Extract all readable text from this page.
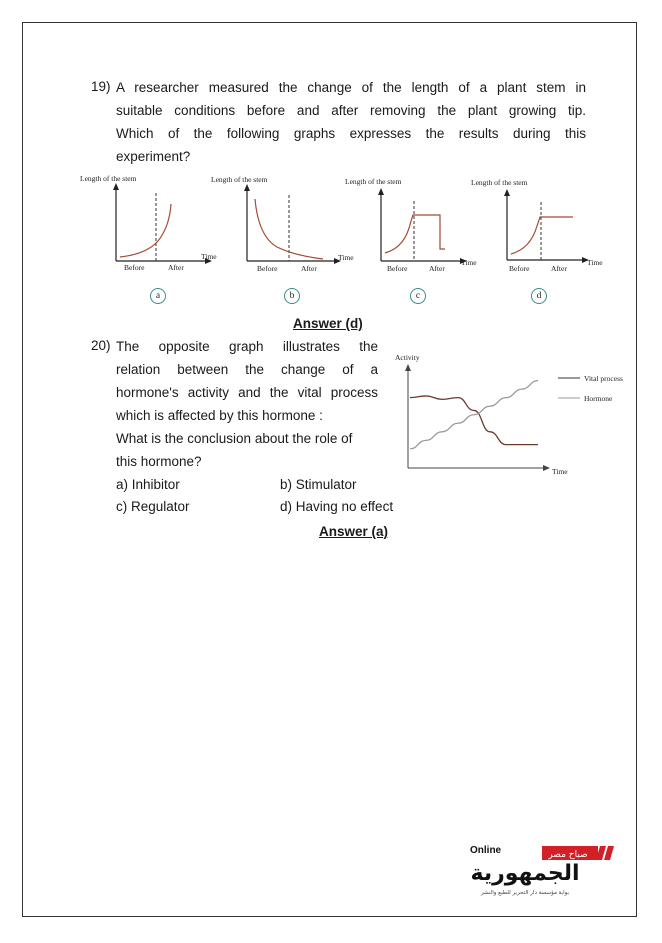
19) A researcher measured the change of the length of a plant stem in
suitable conditions before and after removing the plant growing tip.
Which of the following graphs expresses the results during this
experiment?
Length of the stem
Before	After
Time
Length of the stem
Before	After
Time
Length of the stem
Before	After
Time
Length of the stem
Before	After
Time
a	b	c	d
Answer (d)
20) The opposite graph illustrates the
relation between the change of a
hormone's activity and the vital process
which is affected by this hormone :
What is the conclusion about the role of
this hormone?
a) Inhibitor	b) Stimulator
c) Regulator	d) Having no effect
Answer (a)
Activity
Time
Vital process
Hormone
Online	صباح مصر
الجمهورية
بوابة مؤسسة دار التحرير للطبع والنشر
